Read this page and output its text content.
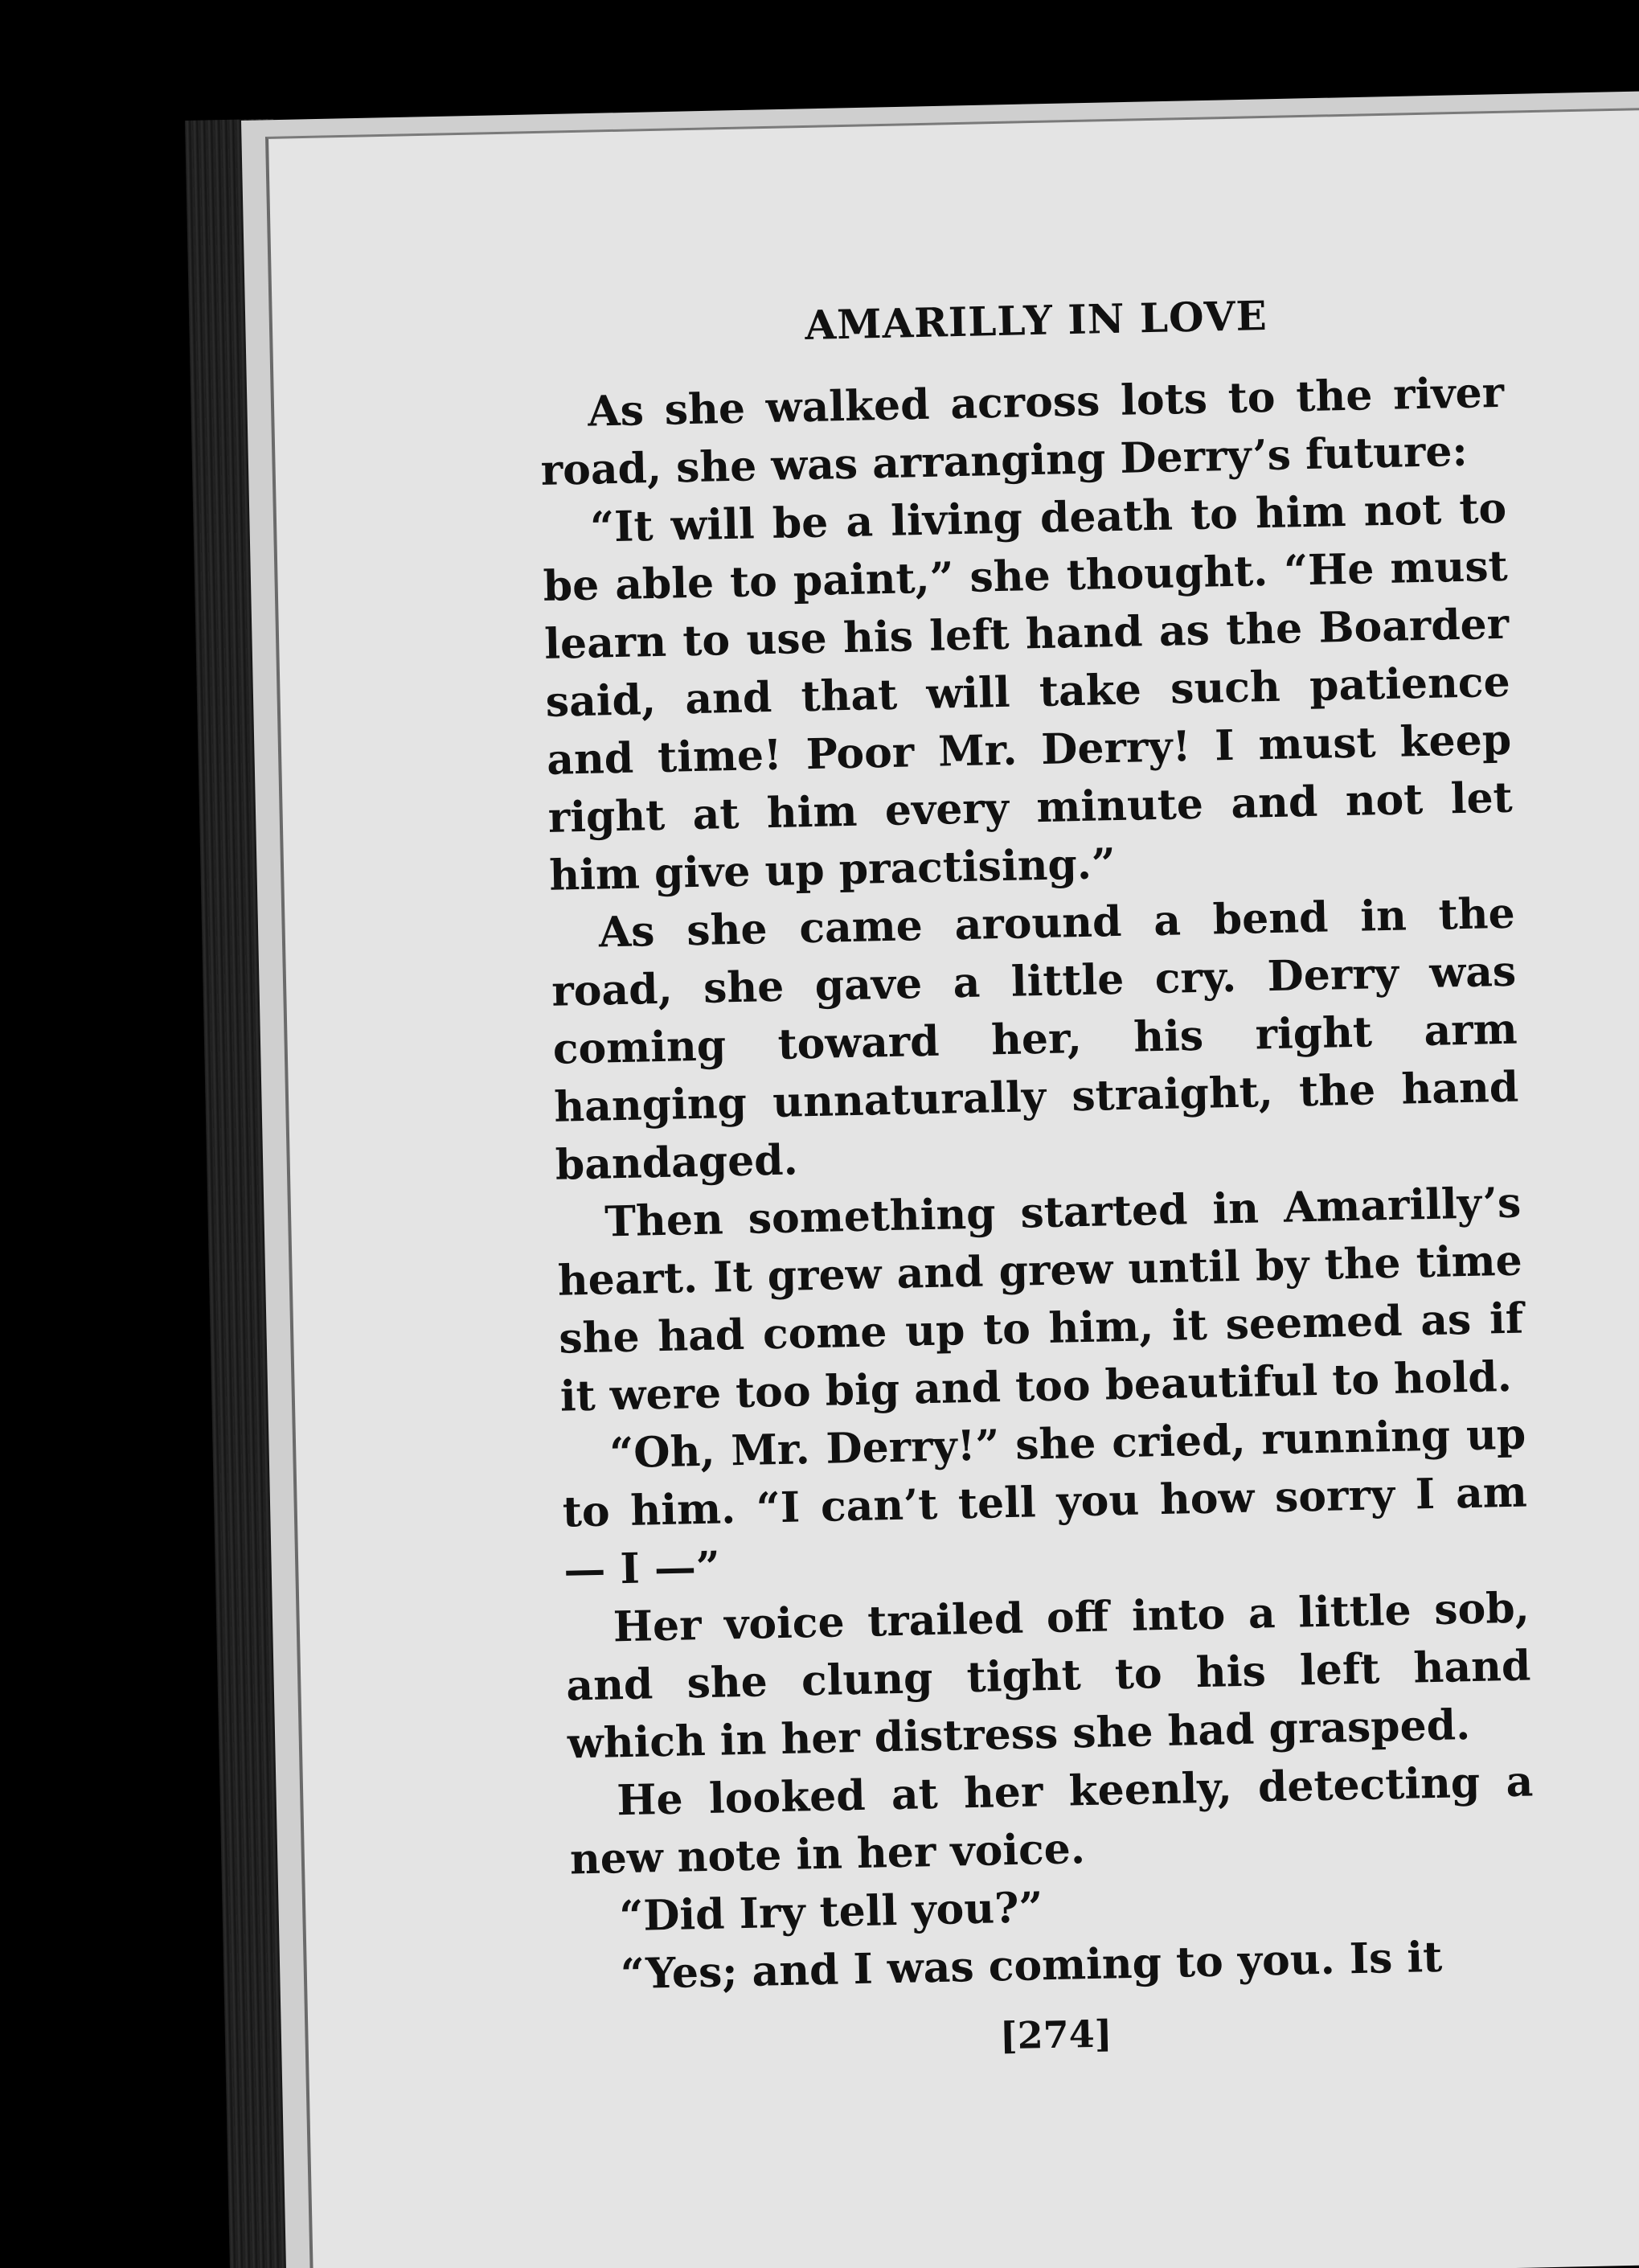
AMARILLY IN LOVE

As she walked across lots to the river road, she was arranging Derry’s future:

“It will be a living death to him not to be able to paint,” she thought. “He must learn to use his left hand as the Boarder said, and that will take such patience and time! Poor Mr. Derry! I must keep right at him every minute and not let him give up practising.”

As she came around a bend in the road, she gave a little cry. Derry was coming toward her, his right arm hanging unnaturally straight, the hand bandaged.

Then something started in Amarilly’s heart. It grew and grew until by the time she had come up to him, it seemed as if it were too big and too beautiful to hold.

“Oh, Mr. Derry!” she cried, running up to him. “I can’t tell you how sorry I am — I —”

Her voice trailed off into a little sob, and she clung tight to his left hand which in her distress she had grasped.

He looked at her keenly, detecting a new note in her voice.

“Did Iry tell you?”

“Yes; and I was coming to you. Is it

[274]
